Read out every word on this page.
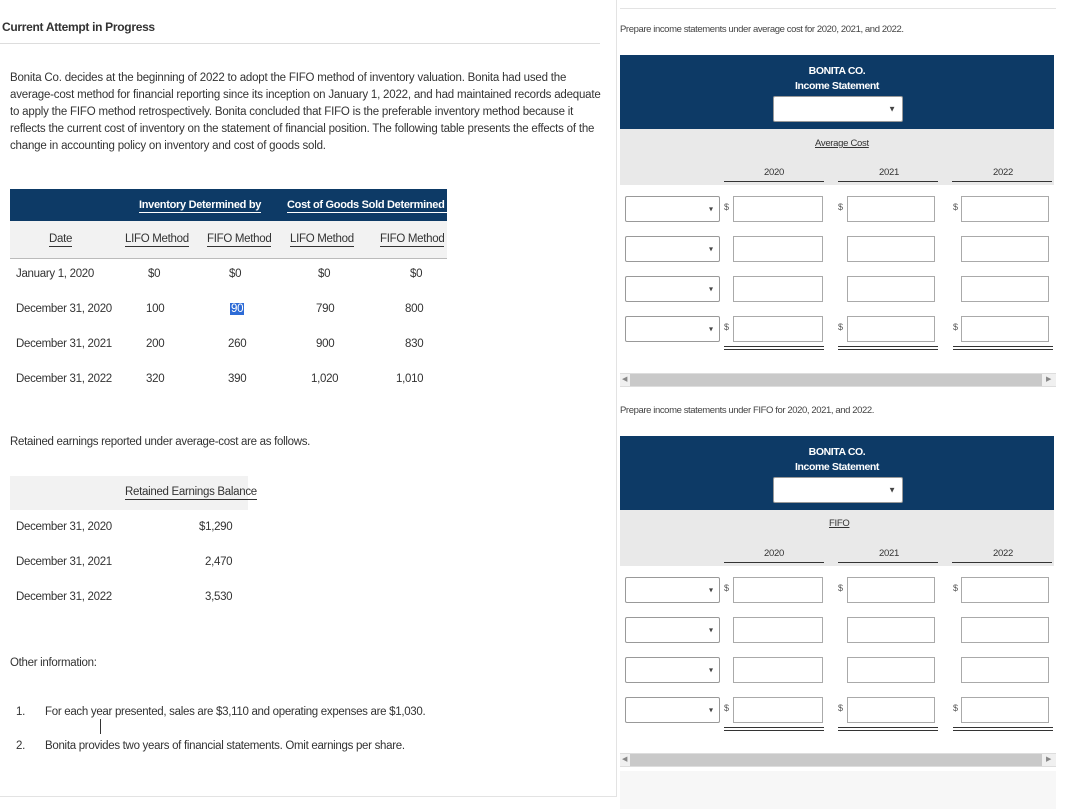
Current Attempt in Progress
Bonita Co. decides at the beginning of 2022 to adopt the FIFO method of inventory valuation. Bonita had used the average-cost method for financial reporting since its inception on January 1, 2022, and had maintained records adequate to apply the FIFO method retrospectively. Bonita concluded that FIFO is the preferable inventory method because it reflects the current cost of inventory on the statement of financial position. The following table presents the effects of the change in accounting policy on inventory and cost of goods sold.
Inventory Determined by Cost of Goods Sold Determined by
Date	LIFO Method FIFO Method LIFO Method FIFO Method
January 1, 2020	$0	$0	$0	$0
December 31, 2020	100	90	790	800
December 31, 2021	200	260	900	830
December 31, 2022	320	390	1,020	1,010
Retained earnings reported under average-cost are as follows.
Retained Earnings Balance
December 31, 2020	$1,290
December 31, 2021	2,470
December 31, 2022	3,530
Other information:
1. For each year presented, sales are $3,110 and operating expenses are $1,030.
2. Bonita provides two years of financial statements. Omit earnings per share.
Prepare income statements under average cost for 2020, 2021, and 2022.
BONITA CO.
Income Statement
▼
Average Cost
2020	2021	2022
▾ $	$	$
▾
▾
▾ $	$	$
◀	▶
Prepare income statements under FIFO for 2020, 2021, and 2022.
BONITA CO.
Income Statement
▼
FIFO
2020	2021	2022
▾ $	$	$
▾
▾
▾ $	$	$
◀	▶
